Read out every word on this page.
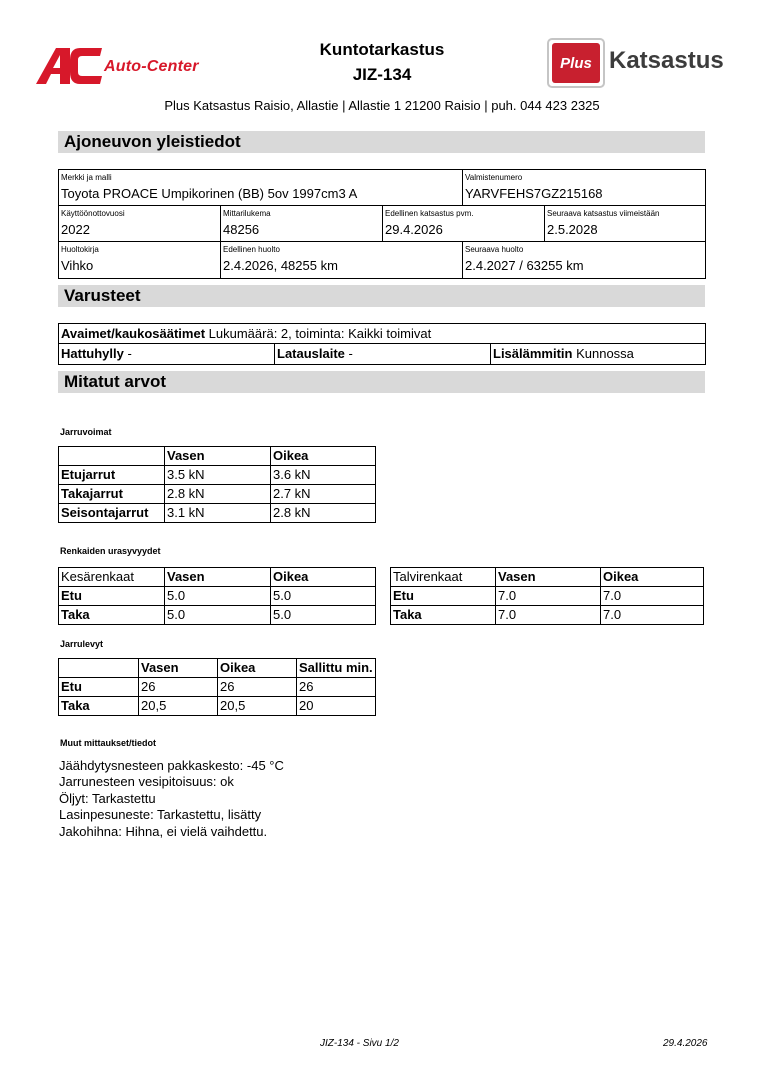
Auto-Center
Kuntotarkastus
JIZ-134
Plus Katsastus
Plus Katsastus Raisio, Allastie | Allastie 1 21200 Raisio | puh. 044 423 2325
Ajoneuvon yleistiedot
Merkki ja malli
Toyota PROACE Umpikorinen (BB) 5ov 1997cm3 A
Valmistenumero
YARVFEHS7GZ215168
Käyttöönottovuosi
2022
Mittarilukema
48256
Edellinen katsastus pvm.
29.4.2026
Seuraava katsastus viimeistään
2.5.2028
Huoltokirja
Vihko
Edellinen huolto
2.4.2026, 48255 km
Seuraava huolto
2.4.2027 / 63255 km
Varusteet
Avaimet/kaukosäätimet Lukumäärä: 2, toiminta: Kaikki toimivat
Hattuhylly -	Latauslaite -	Lisälämmitin Kunnossa
Mitatut arvot
Jarruvoimat
	Vasen	Oikea
Etujarrut	3.5 kN	3.6 kN
Takajarrut	2.8 kN	2.7 kN
Seisontajarrut	3.1 kN	2.8 kN
Renkaiden urasyvyydet
Kesärenkaat	Vasen	Oikea
Etu	5.0	5.0
Taka	5.0	5.0
Talvirenkaat	Vasen	Oikea
Etu	7.0	7.0
Taka	7.0	7.0
Jarrulevyt
	Vasen	Oikea	Sallittu min.
Etu	26	26	26
Taka	20,5	20,5	20
Muut mittaukset/tiedot
Jäähdytysnesteen pakkaskesto: -45 °C
Jarrunesteen vesipitoisuus: ok
Öljyt: Tarkastettu
Lasinpesuneste: Tarkastettu, lisätty
Jakohihna: Hihna, ei vielä vaihdettu.
JIZ-134 - Sivu 1/2	29.4.2026
